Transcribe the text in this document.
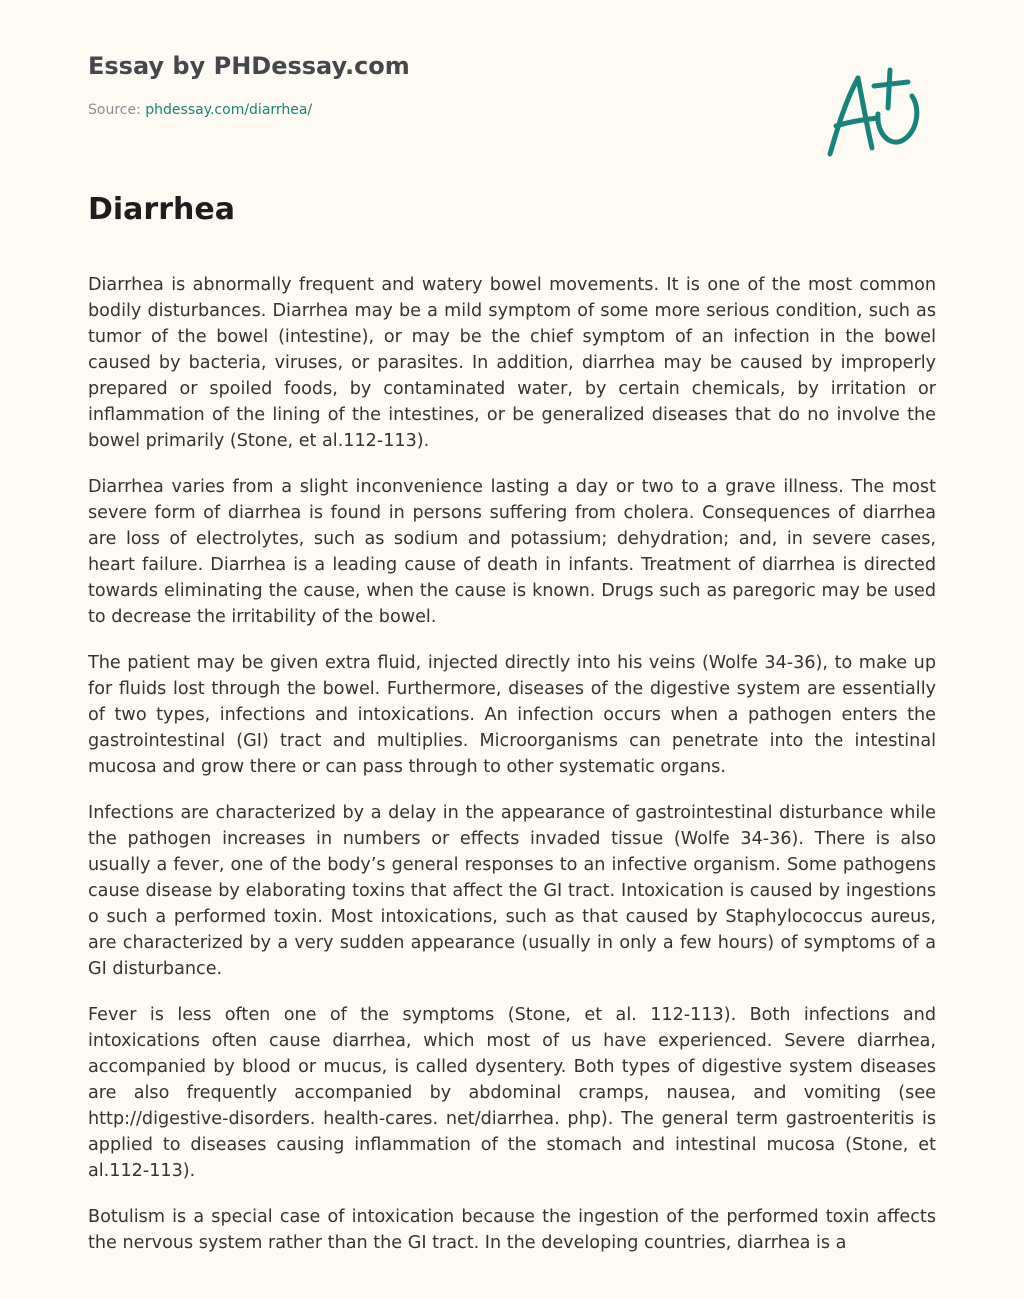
Essay by PHDessay.com
Source: phdessay.com/diarrhea/
Diarrhea

Diarrhea is abnormally frequent and watery bowel movements. It is one of the most common bodily disturbances. Diarrhea may be a mild symptom of some more serious condition, such as tumor of the bowel (intestine), or may be the chief symptom of an infection in the bowel caused by bacteria, viruses, or parasites. In addition, diarrhea may be caused by improperly prepared or spoiled foods, by contaminated water, by certain chemicals, by irritation or inflammation of the lining of the intestines, or be generalized diseases that do no involve the bowel primarily (Stone, et al.112-113).

Diarrhea varies from a slight inconvenience lasting a day or two to a grave illness. The most severe form of diarrhea is found in persons suffering from cholera. Consequences of diarrhea are loss of electrolytes, such as sodium and potassium; dehydration; and, in severe cases, heart failure. Diarrhea is a leading cause of death in infants. Treatment of diarrhea is directed towards eliminating the cause, when the cause is known. Drugs such as paregoric may be used to decrease the irritability of the bowel.

The patient may be given extra fluid, injected directly into his veins (Wolfe 34-36), to make up for fluids lost through the bowel. Furthermore, diseases of the digestive system are essentially of two types, infections and intoxications. An infection occurs when a pathogen enters the gastrointestinal (GI) tract and multiplies. Microorganisms can penetrate into the intestinal mucosa and grow there or can pass through to other systematic organs.

Infections are characterized by a delay in the appearance of gastrointestinal disturbance while the pathogen increases in numbers or effects invaded tissue (Wolfe 34-36). There is also usually a fever, one of the body’s general responses to an infective organism. Some pathogens cause disease by elaborating toxins that affect the GI tract. Intoxication is caused by ingestions o such a performed toxin. Most intoxications, such as that caused by Staphylococcus aureus, are characterized by a very sudden appearance (usually in only a few hours) of symptoms of a GI disturbance.

Fever is less often one of the symptoms (Stone, et al. 112-113). Both infections and intoxications often cause diarrhea, which most of us have experienced. Severe diarrhea, accompanied by blood or mucus, is called dysentery. Both types of digestive system diseases are also frequently accompanied by abdominal cramps, nausea, and vomiting (see http://digestive-disorders. health-cares. net/diarrhea. php). The general term gastroenteritis is applied to diseases causing inflammation of the stomach and intestinal mucosa (Stone, et al.112-113).

Botulism is a special case of intoxication because the ingestion of the performed toxin affects the nervous system rather than the GI tract. In the developing countries, diarrhea is a
